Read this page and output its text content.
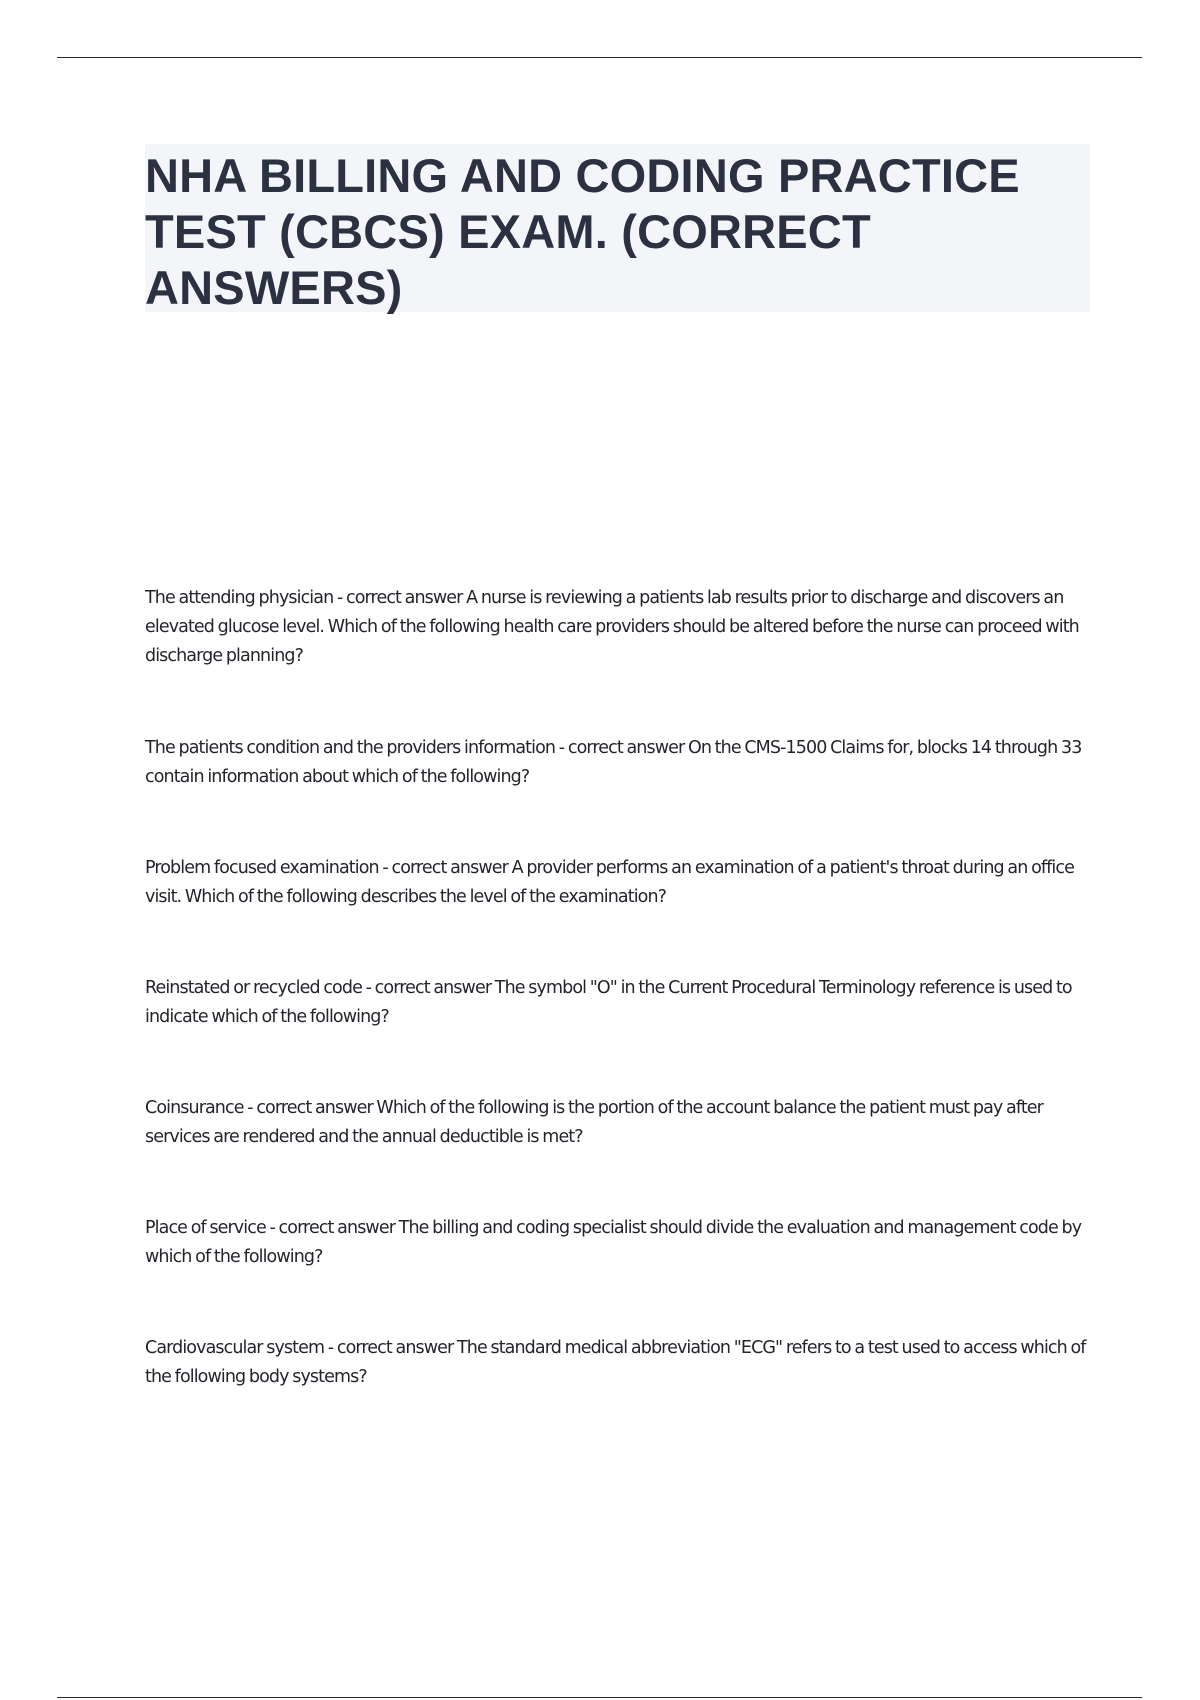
NHA BILLING AND CODING PRACTICE TEST (CBCS) EXAM. (CORRECT ANSWERS)

The attending physician - correct answer A nurse is reviewing a patients lab results prior to discharge and discovers an elevated glucose level. Which of the following health care providers should be altered before the nurse can proceed with discharge planning?

The patients condition and the providers information - correct answer On the CMS-1500 Claims for, blocks 14 through 33 contain information about which of the following?

Problem focused examination - correct answer A provider performs an examination of a patient's throat during an office visit. Which of the following describes the level of the examination?

Reinstated or recycled code - correct answer The symbol "O" in the Current Procedural Terminology reference is used to indicate which of the following?

Coinsurance - correct answer Which of the following is the portion of the account balance the patient must pay after services are rendered and the annual deductible is met?

Place of service - correct answer The billing and coding specialist should divide the evaluation and management code by which of the following?

Cardiovascular system - correct answer The standard medical abbreviation "ECG" refers to a test used to access which of the following body systems?
